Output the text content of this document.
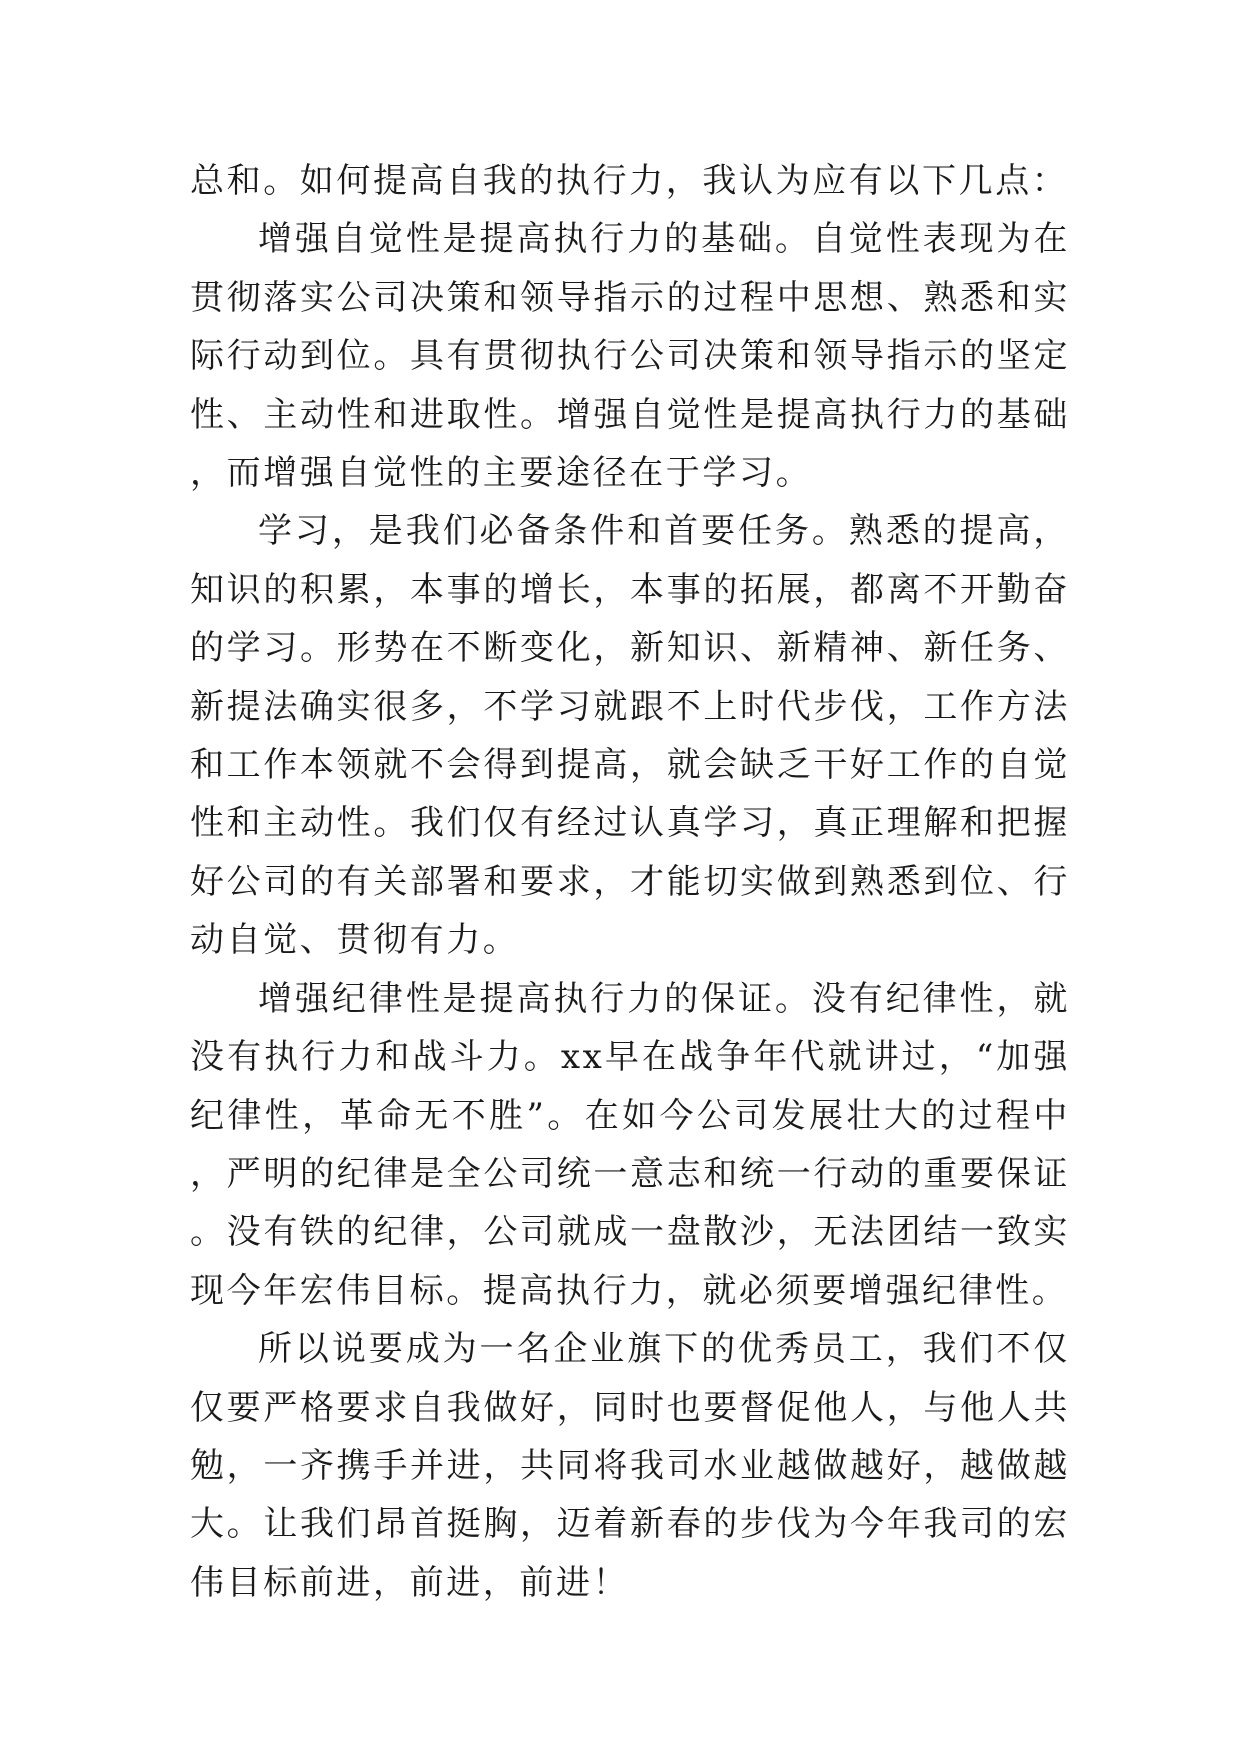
总和。如何提高自我的执行力，我认为应有以下几点：

增强自觉性是提高执行力的基础。自觉性表现为在贯彻落实公司决策和领导指示的过程中思想、熟悉和实际行动到位。具有贯彻执行公司决策和领导指示的坚定性、主动性和进取性。增强自觉性是提高执行力的基础，而增强自觉性的主要途径在于学习。

学习，是我们必备条件和首要任务。熟悉的提高，知识的积累，本事的增长，本事的拓展，都离不开勤奋的学习。形势在不断变化，新知识、新精神、新任务、新提法确实很多，不学习就跟不上时代步伐，工作方法和工作本领就不会得到提高，就会缺乏干好工作的自觉性和主动性。我们仅有经过认真学习，真正理解和把握好公司的有关部署和要求，才能切实做到熟悉到位、行动自觉、贯彻有力。

增强纪律性是提高执行力的保证。没有纪律性，就没有执行力和战斗力。xx早在战争年代就讲过，“加强纪律性，革命无不胜”。在如今公司发展壮大的过程中，严明的纪律是全公司统一意志和统一行动的重要保证。没有铁的纪律，公司就成一盘散沙，无法团结一致实现今年宏伟目标。提高执行力，就必须要增强纪律性。

所以说要成为一名企业旗下的优秀员工，我们不仅仅要严格要求自我做好，同时也要督促他人，与他人共勉，一齐携手并进，共同将我司水业越做越好，越做越大。让我们昂首挺胸，迈着新春的步伐为今年我司的宏伟目标前进，前进，前进！
